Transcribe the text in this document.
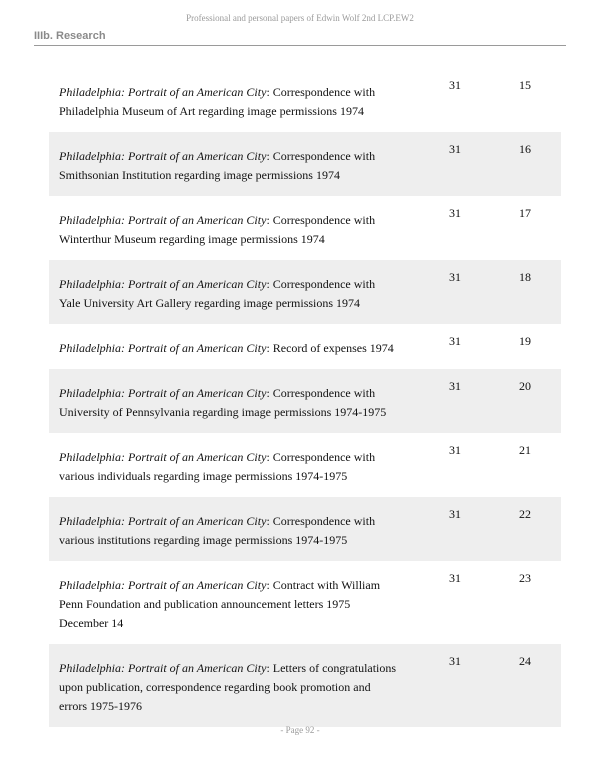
Professional and personal papers of Edwin Wolf 2nd LCP.EW2
IIIb. Research
Philadelphia: Portrait of an American City: Correspondence with Philadelphia Museum of Art regarding image permissions 1974
31	15
Philadelphia: Portrait of an American City: Correspondence with Smithsonian Institution regarding image permissions 1974
31	16
Philadelphia: Portrait of an American City: Correspondence with Winterthur Museum regarding image permissions 1974
31	17
Philadelphia: Portrait of an American City: Correspondence with Yale University Art Gallery regarding image permissions 1974
31	18
Philadelphia: Portrait of an American City: Record of expenses 1974	31	19
Philadelphia: Portrait of an American City: Correspondence with University of Pennsylvania regarding image permissions 1974-1975
31	20
Philadelphia: Portrait of an American City: Correspondence with various individuals regarding image permissions 1974-1975
31	21
Philadelphia: Portrait of an American City: Correspondence with various institutions regarding image permissions 1974-1975
31	22
Philadelphia: Portrait of an American City: Contract with William Penn Foundation and publication announcement letters 1975 December 14
31	23
Philadelphia: Portrait of an American City: Letters of congratulations upon publication, correspondence regarding book promotion and errors 1975-1976
31	24
- Page 92 -
